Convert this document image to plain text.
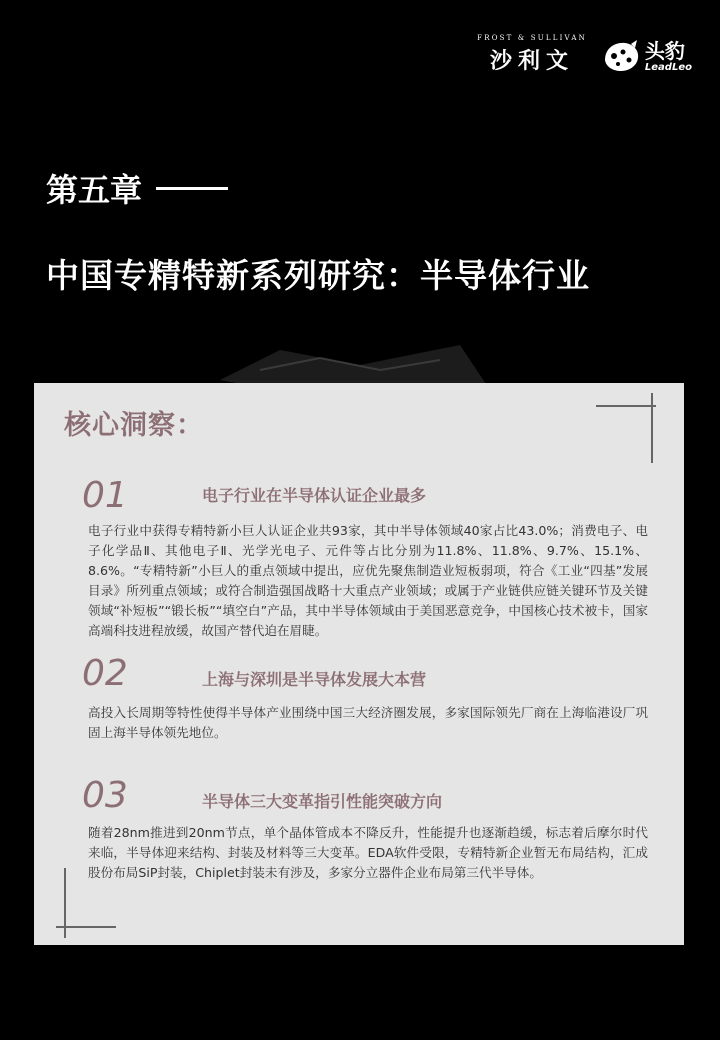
FROST & SULLIVAN
沙利文	头豹
LeadLeo
第五章
中国专精特新系列研究：半导体行业
核心洞察：
01	电子行业在半导体认证企业最多
电子行业中获得专精特新小巨人认证企业共93家，其中半导体领域40家占比43.0%；消费电子、电子化学品Ⅱ、其他电子Ⅱ、光学光电子、元件等占比分别为11.8%、11.8%、9.7%、15.1%、8.6%。“专精特新”小巨人的重点领域中提出，应优先聚焦制造业短板弱项，符合《工业“四基”发展目录》所列重点领域；或符合制造强国战略十大重点产业领域；或属于产业链供应链关键环节及关键领域“补短板”“锻长板”“填空白”产品，其中半导体领域由于美国恶意竞争，中国核心技术被卡，国家高端科技进程放缓，故国产替代迫在眉睫。
02	上海与深圳是半导体发展大本营
高投入长周期等特性使得半导体产业围绕中国三大经济圈发展，多家国际领先厂商在上海临港设厂巩固上海半导体领先地位。
03	半导体三大变革指引性能突破方向
随着28nm推进到20nm节点，单个晶体管成本不降反升，性能提升也逐渐趋缓，标志着后摩尔时代来临，半导体迎来结构、封装及材料等三大变革。EDA软件受限，专精特新企业暂无布局结构，汇成股份布局SiP封装，Chiplet封装未有涉及，多家分立器件企业布局第三代半导体。
